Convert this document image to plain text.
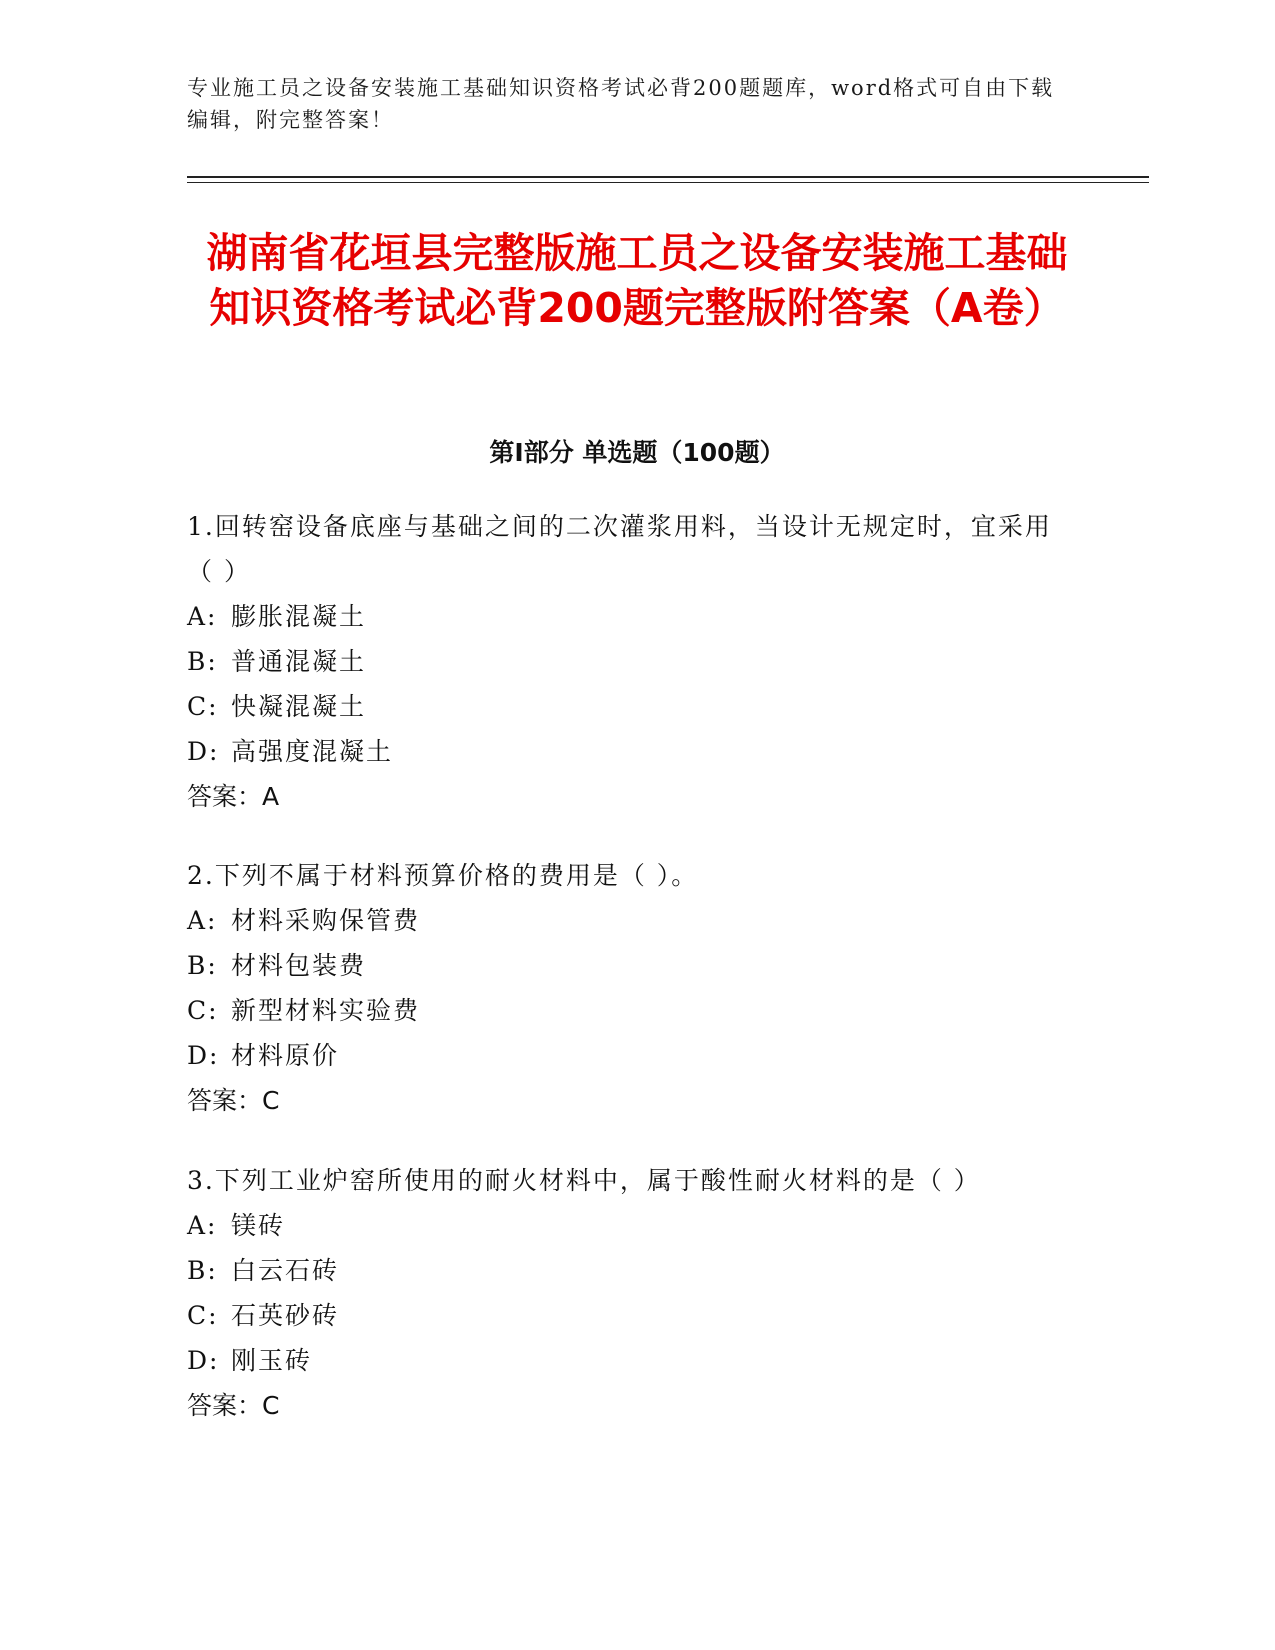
专业施工员之设备安装施工基础知识资格考试必背200题题库，word格式可自由下载编辑，附完整答案！
湖南省花垣县完整版施工员之设备安装施工基础知识资格考试必背200题完整版附答案（A卷）
第I部分 单选题（100题）

1.回转窑设备底座与基础之间的二次灌浆用料，当设计无规定时，宜采用（ ）

A: 膨胀混凝土

B: 普通混凝土

C: 快凝混凝土

D: 高强度混凝土

答案：A

2.下列不属于材料预算价格的费用是（ ）。

A: 材料采购保管费

B: 材料包装费

C: 新型材料实验费

D: 材料原价

答案：C

3.下列工业炉窑所使用的耐火材料中，属于酸性耐火材料的是（ ）

A: 镁砖

B: 白云石砖

C: 石英砂砖

D: 刚玉砖

答案：C
